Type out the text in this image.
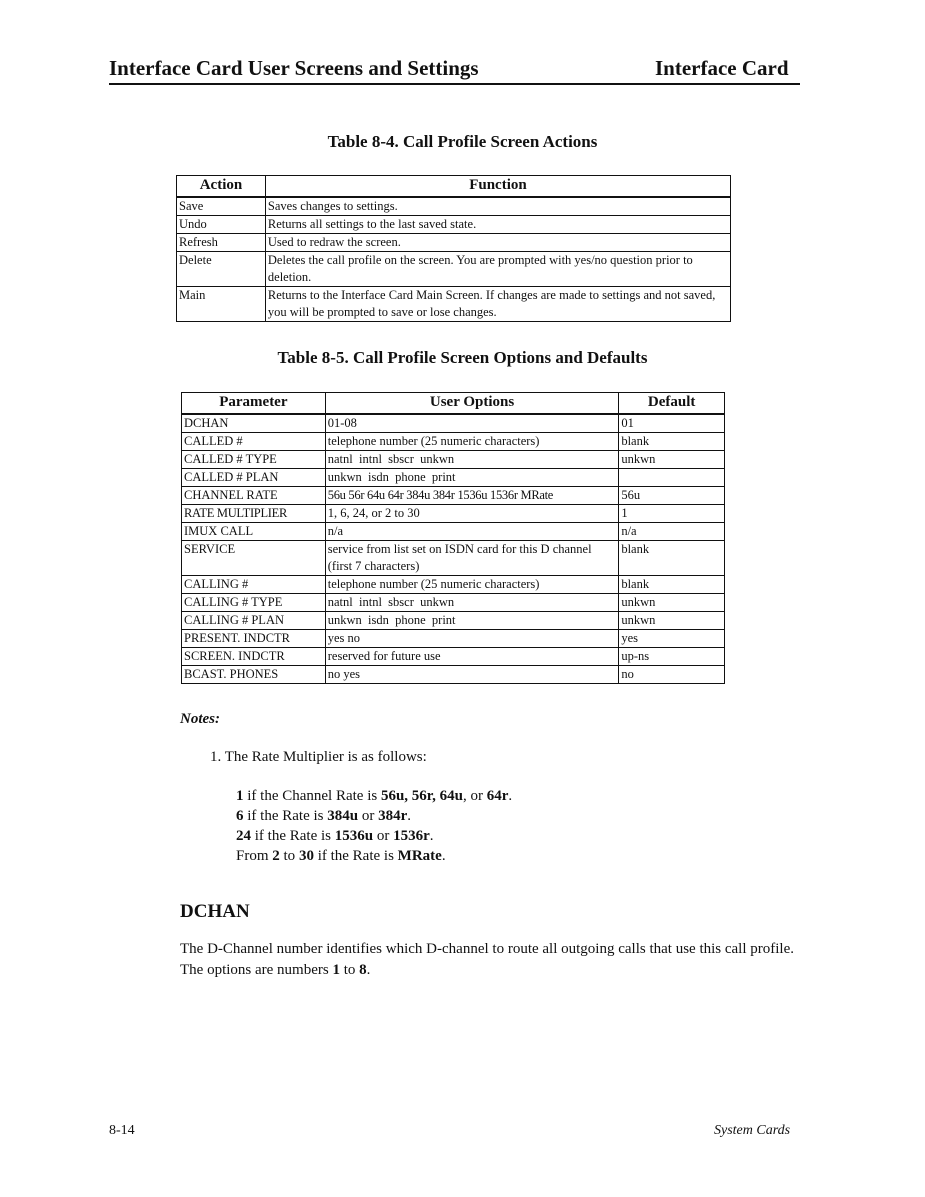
Interface Card User Screens and Settings	Interface Card
Table 8-4. Call Profile Screen Actions
Action	Function
Save	Saves changes to settings.
Undo	Returns all settings to the last saved state.
Refresh	Used to redraw the screen.
Delete	Deletes the call profile on the screen. You are prompted with yes/no question prior to deletion.
Main	Returns to the Interface Card Main Screen. If changes are made to settings and not saved, you will be prompted to save or lose changes.
Table 8-5. Call Profile Screen Options and Defaults
Parameter	User Options	Default
DCHAN	01-08	01
CALLED #	telephone number (25 numeric characters)	blank
CALLED # TYPE	natnl  intnl  sbscr  unkwn	unkwn
CALLED # PLAN	unkwn  isdn  phone  print	
CHANNEL RATE	56u 56r 64u 64r 384u 384r 1536u 1536r MRate	56u
RATE MULTIPLIER	1, 6, 24, or 2 to 30	1
IMUX CALL	n/a	n/a
SERVICE	service from list set on ISDN card for this D channel (first 7 characters)	blank
CALLING #	telephone number (25 numeric characters)	blank
CALLING # TYPE	natnl  intnl  sbscr  unkwn	unkwn
CALLING # PLAN	unkwn  isdn  phone  print	unkwn
PRESENT. INDCTR	yes no	yes
SCREEN. INDCTR	reserved for future use	up-ns
BCAST. PHONES	no yes	no
Notes:
1. The Rate Multiplier is as follows:
1 if the Channel Rate is 56u, 56r, 64u, or 64r.
6 if the Rate is 384u or 384r.
24 if the Rate is 1536u or 1536r.
From 2 to 30 if the Rate is MRate.
DCHAN
The D-Channel number identifies which D-channel to route all outgoing calls that use this call profile. The options are numbers 1 to 8.
8-14	System Cards
